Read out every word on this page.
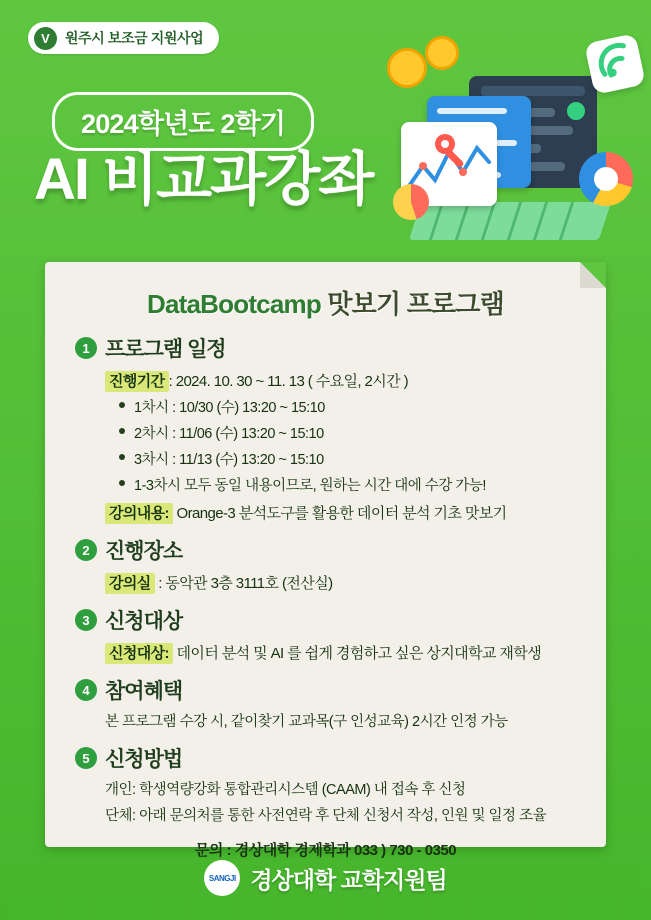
V	원주시 보조금 지원사업
2024학년도 2학기
AI 비교과강좌
DataBootcamp 맛보기 프로그램
1 프로그램 일정
진행기간 : 2024. 10. 30 ~ 11. 13 ( 수요일, 2시간 )
1차시 : 10/30 (수) 13:20 ~ 15:10
2차시 : 11/06 (수) 13:20 ~ 15:10
3차시 : 11/13 (수) 13:20 ~ 15:10
1-3차시 모두 동일 내용이므로, 원하는 시간 대에 수강 가능!
강의내용: Orange-3 분석도구를 활용한 데이터 분석 기초 맛보기
2 진행장소
강의실 : 동악관 3층 3111호 (전산실)
3 신청대상
신청대상: 데이터 분석 및 AI 를 쉽게 경험하고 싶은 상지대학교 재학생
4 참여혜택
본 프로그램 수강 시, 같이찾기 교과목(구 인성교육) 2시간 인정 가능
5 신청방법
개인: 학생역량강화 통합관리시스템 (CAAM) 내 접속 후 신청
단체: 아래 문의처를 통한 사전연락 후 단체 신청서 작성, 인원 및 일정 조율
문의 : 경상대학 경제학과 033 ) 730 - 0350
SANGJI 경상대학 교학지원팀
